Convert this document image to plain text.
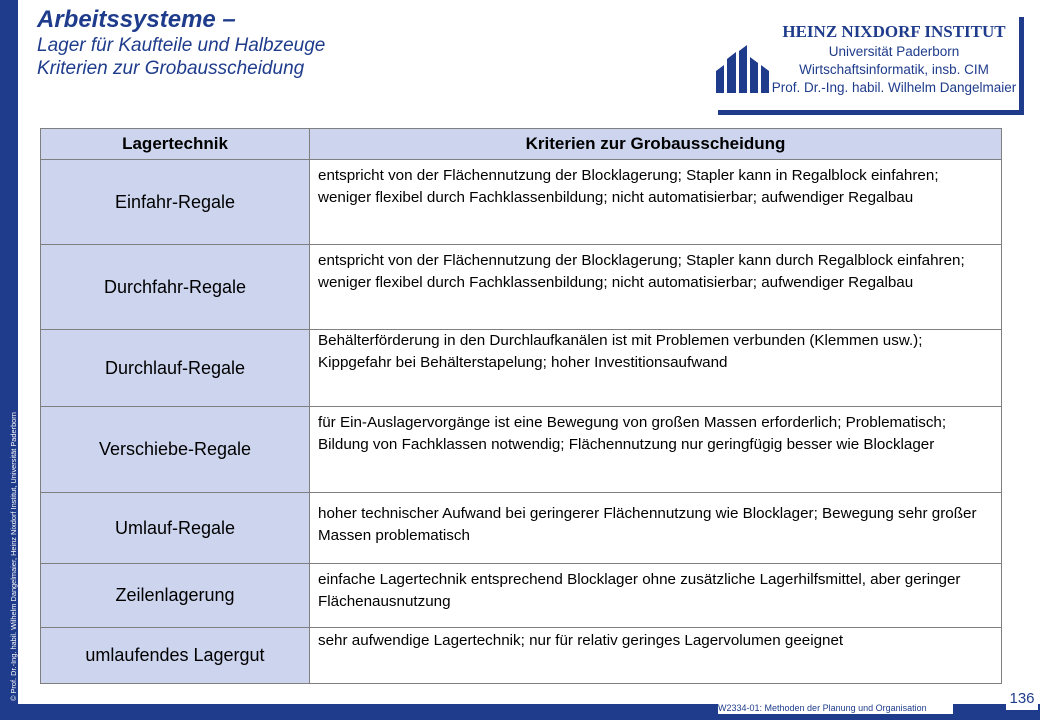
© Prof. Dr.-Ing. habil. Wilhelm Dangelmaier, Heinz Nixdorf Institut, Universität Paderborn
Arbeitssysteme –
Lager für Kaufteile und Halbzeuge
Kriterien zur Grobausscheidung
HEINZ NIXDORF INSTITUT
Universität Paderborn
Wirtschaftsinformatik, insb. CIM
Prof. Dr.-Ing. habil. Wilhelm Dangelmaier
Lagertechnik	Kriterien zur Grobausscheidung
Einfahr-Regale	entspricht von der Flächennutzung der Blocklagerung; Stapler kann in Regalblock einfahren; weniger flexibel durch Fachklassenbildung; nicht automatisierbar; aufwendiger Regalbau
Durchfahr-Regale	entspricht von der Flächennutzung der Blocklagerung; Stapler kann durch Regalblock einfahren; weniger flexibel durch Fachklassenbildung; nicht automatisierbar; aufwendiger Regalbau
Durchlauf-Regale	Behälterförderung in den Durchlaufkanälen ist mit Problemen verbunden (Klemmen usw.); Kippgefahr bei Behälterstapelung; hoher Investitionsaufwand
Verschiebe-Regale	für Ein-Auslagervorgänge ist eine Bewegung von großen Massen erforderlich; Problematisch; Bildung von Fachklassen notwendig; Flächennutzung nur geringfügig besser wie Blocklager
Umlauf-Regale	hoher technischer Aufwand bei geringerer Flächennutzung wie Blocklager; Bewegung sehr großer Massen problematisch
Zeilenlagerung	einfache Lagertechnik entsprechend Blocklager ohne zusätzliche Lagerhilfsmittel, aber geringer Flächenausnutzung
umlaufendes Lagergut	sehr aufwendige Lagertechnik; nur für relativ geringes Lagervolumen geeignet
W2334-01: Methoden der Planung und Organisation
136
